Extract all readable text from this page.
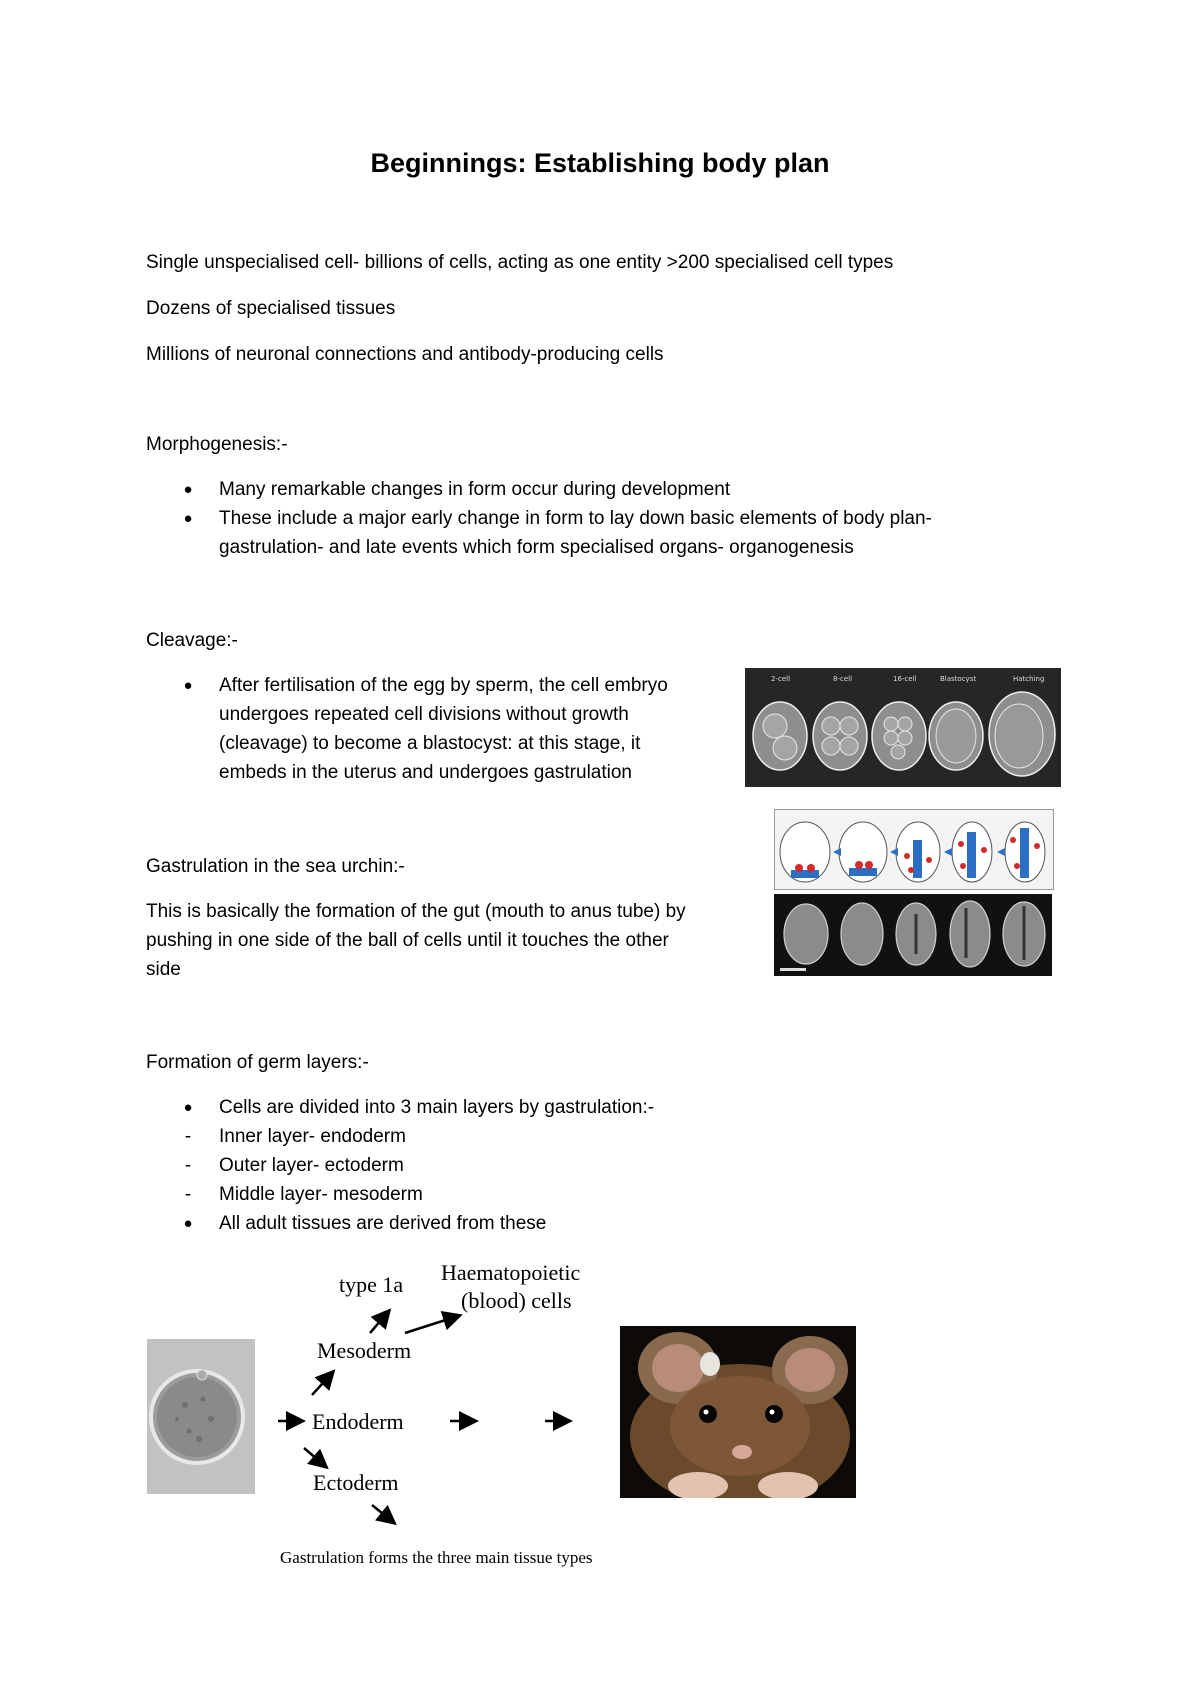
Beginnings: Establishing body plan
Single unspecialised cell- billions of cells, acting as one entity >200 specialised cell types
Dozens of specialised tissues
Millions of neuronal connections and antibody-producing cells
Morphogenesis:-
● Many remarkable changes in form occur during development
● These include a major early change in form to lay down basic elements of body plan-
gastrulation- and late events which form specialised organs- organogenesis
Cleavage:-
● After fertilisation of the egg by sperm, the cell embryo
undergoes repeated cell divisions without growth
(cleavage) to become a blastocyst: at this stage, it
embeds in the uterus and undergoes gastrulation
2-cell	8-cell	16-cell	Blastocyst	Hatching
Gastrulation in the sea urchin:-
This is basically the formation of the gut (mouth to anus tube) by
pushing in one side of the ball of cells until it touches the other
side
Formation of germ layers:-
● Cells are divided into 3 main layers by gastrulation:-
-	Inner layer- endoderm
-	Outer layer- ectoderm
-	Middle layer- mesoderm
● All adult tissues are derived from these
type 1a Haematopoietic
(blood) cells
Mesoderm
Endoderm
Ectoderm
Gastrulation forms the three main tissue types
